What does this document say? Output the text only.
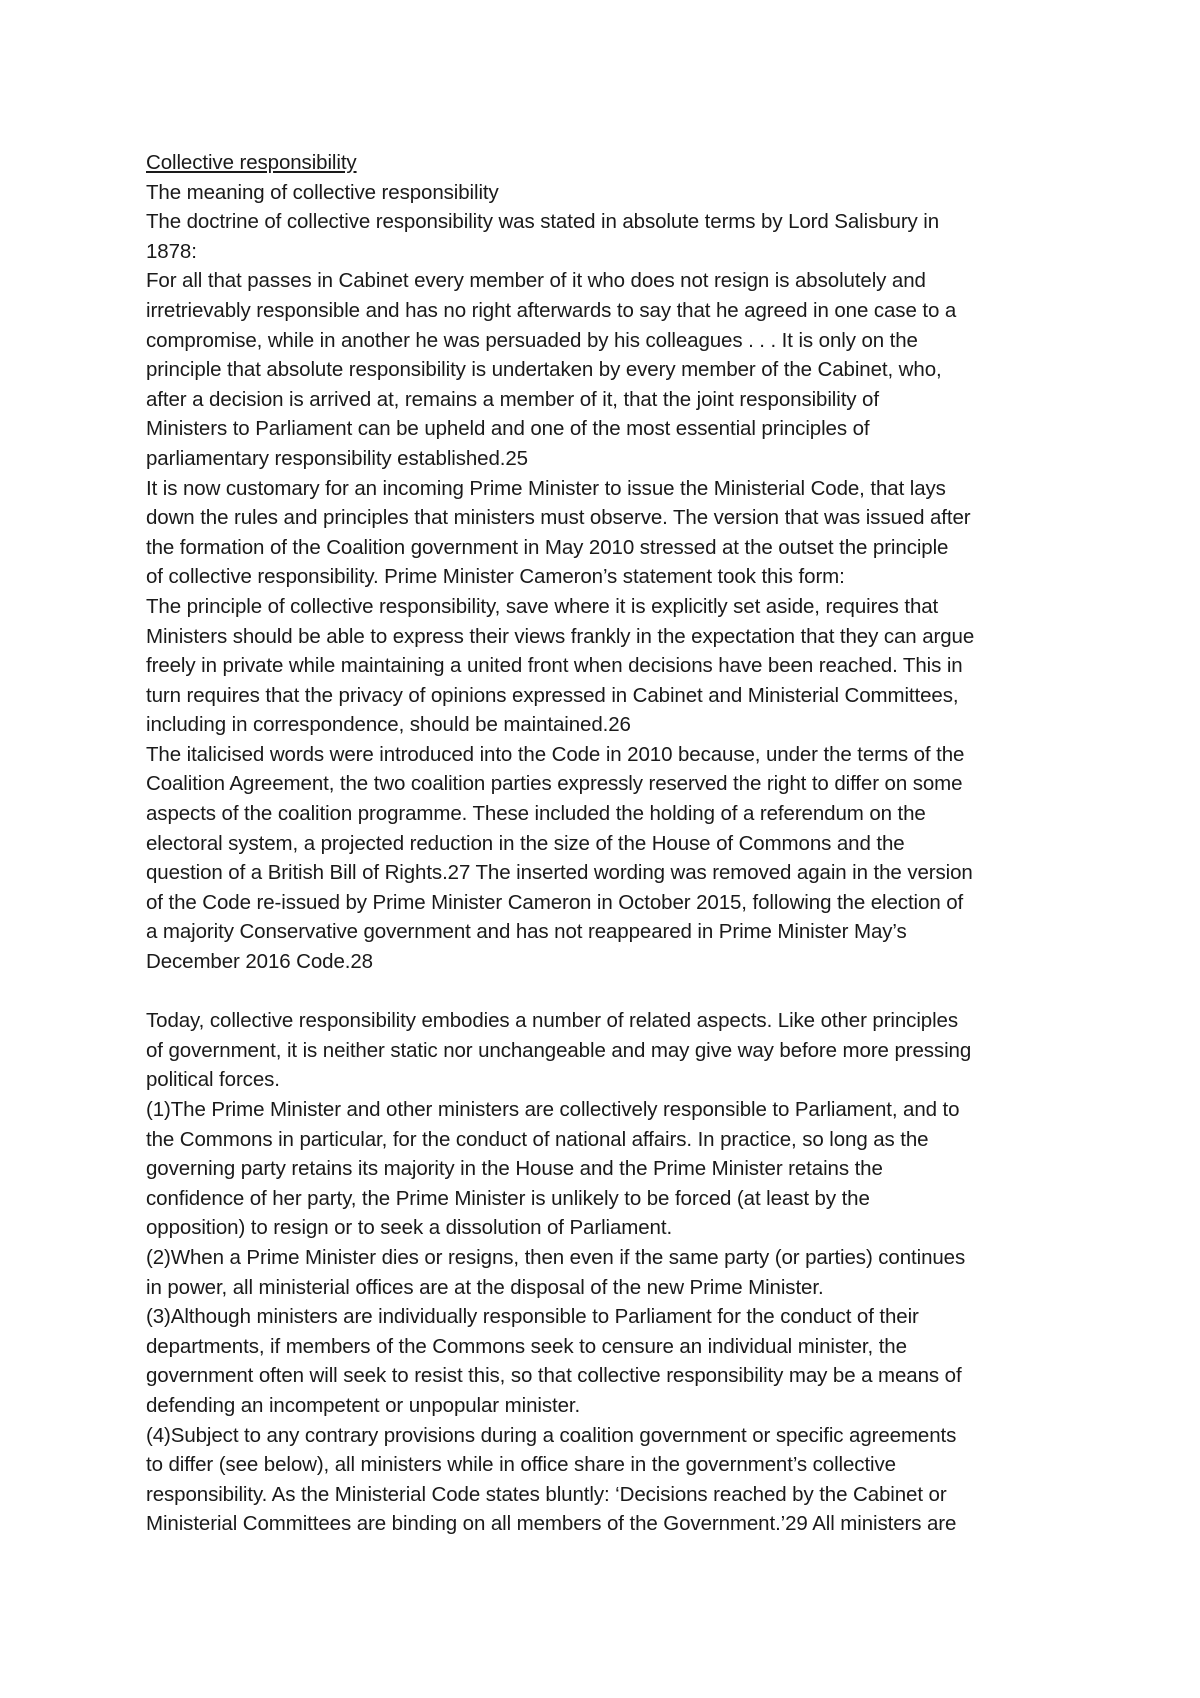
Collective responsibility
The meaning of collective responsibility
The doctrine of collective responsibility was stated in absolute terms by Lord Salisbury in
1878:
For all that passes in Cabinet every member of it who does not resign is absolutely and
irretrievably responsible and has no right afterwards to say that he agreed in one case to a
compromise, while in another he was persuaded by his colleagues . . . It is only on the
principle that absolute responsibility is undertaken by every member of the Cabinet, who,
after a decision is arrived at, remains a member of it, that the joint responsibility of
Ministers to Parliament can be upheld and one of the most essential principles of
parliamentary responsibility established.25
It is now customary for an incoming Prime Minister to issue the Ministerial Code, that lays
down the rules and principles that ministers must observe. The version that was issued after
the formation of the Coalition government in May 2010 stressed at the outset the principle
of collective responsibility. Prime Minister Cameron’s statement took this form:
The principle of collective responsibility, save where it is explicitly set aside, requires that
Ministers should be able to express their views frankly in the expectation that they can argue
freely in private while maintaining a united front when decisions have been reached. This in
turn requires that the privacy of opinions expressed in Cabinet and Ministerial Committees,
including in correspondence, should be maintained.26
The italicised words were introduced into the Code in 2010 because, under the terms of the
Coalition Agreement, the two coalition parties expressly reserved the right to differ on some
aspects of the coalition programme. These included the holding of a referendum on the
electoral system, a projected reduction in the size of the House of Commons and the
question of a British Bill of Rights.27 The inserted wording was removed again in the version
of the Code re-issued by Prime Minister Cameron in October 2015, following the election of
a majority Conservative government and has not reappeared in Prime Minister May’s
December 2016 Code.28
Today, collective responsibility embodies a number of related aspects. Like other principles
of government, it is neither static nor unchangeable and may give way before more pressing
political forces.
(1)The Prime Minister and other ministers are collectively responsible to Parliament, and to
the Commons in particular, for the conduct of national affairs. In practice, so long as the
governing party retains its majority in the House and the Prime Minister retains the
confidence of her party, the Prime Minister is unlikely to be forced (at least by the
opposition) to resign or to seek a dissolution of Parliament.
(2)When a Prime Minister dies or resigns, then even if the same party (or parties) continues
in power, all ministerial offices are at the disposal of the new Prime Minister.
(3)Although ministers are individually responsible to Parliament for the conduct of their
departments, if members of the Commons seek to censure an individual minister, the
government often will seek to resist this, so that collective responsibility may be a means of
defending an incompetent or unpopular minister.
(4)Subject to any contrary provisions during a coalition government or specific agreements
to differ (see below), all ministers while in office share in the government’s collective
responsibility. As the Ministerial Code states bluntly: ‘Decisions reached by the Cabinet or
Ministerial Committees are binding on all members of the Government.’29 All ministers are
